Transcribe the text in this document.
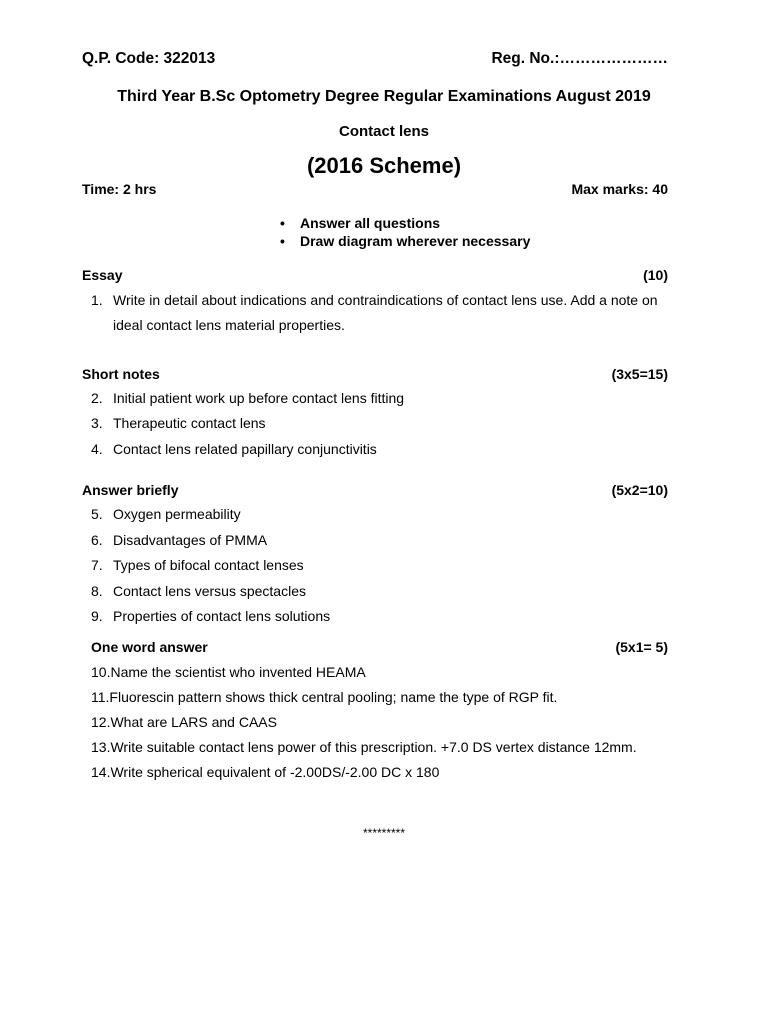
Q.P. Code: 322013	Reg. No.:…………………
Third Year B.Sc Optometry Degree Regular Examinations August 2019
Contact lens
(2016 Scheme)
Time: 2 hrs	Max marks: 40
• Answer all questions
• Draw diagram wherever necessary
Essay	(10)
1. Write in detail about indications and contraindications of contact lens use. Add a note on
ideal contact lens material properties.
Short notes	(3x5=15)
2. Initial patient work up before contact lens fitting
3. Therapeutic contact lens
4. Contact lens related papillary conjunctivitis
Answer briefly	(5x2=10)
5. Oxygen permeability
6. Disadvantages of PMMA
7. Types of bifocal contact lenses
8. Contact lens versus spectacles
9. Properties of contact lens solutions
One word answer	(5x1= 5)
10.Name the scientist who invented HEAMA
11.Fluorescin pattern shows thick central pooling; name the type of RGP fit.
12.What are LARS and CAAS
13.Write suitable contact lens power of this prescription. +7.0 DS vertex distance 12mm.
14.Write spherical equivalent of -2.00DS/-2.00 DC x 180
*********
